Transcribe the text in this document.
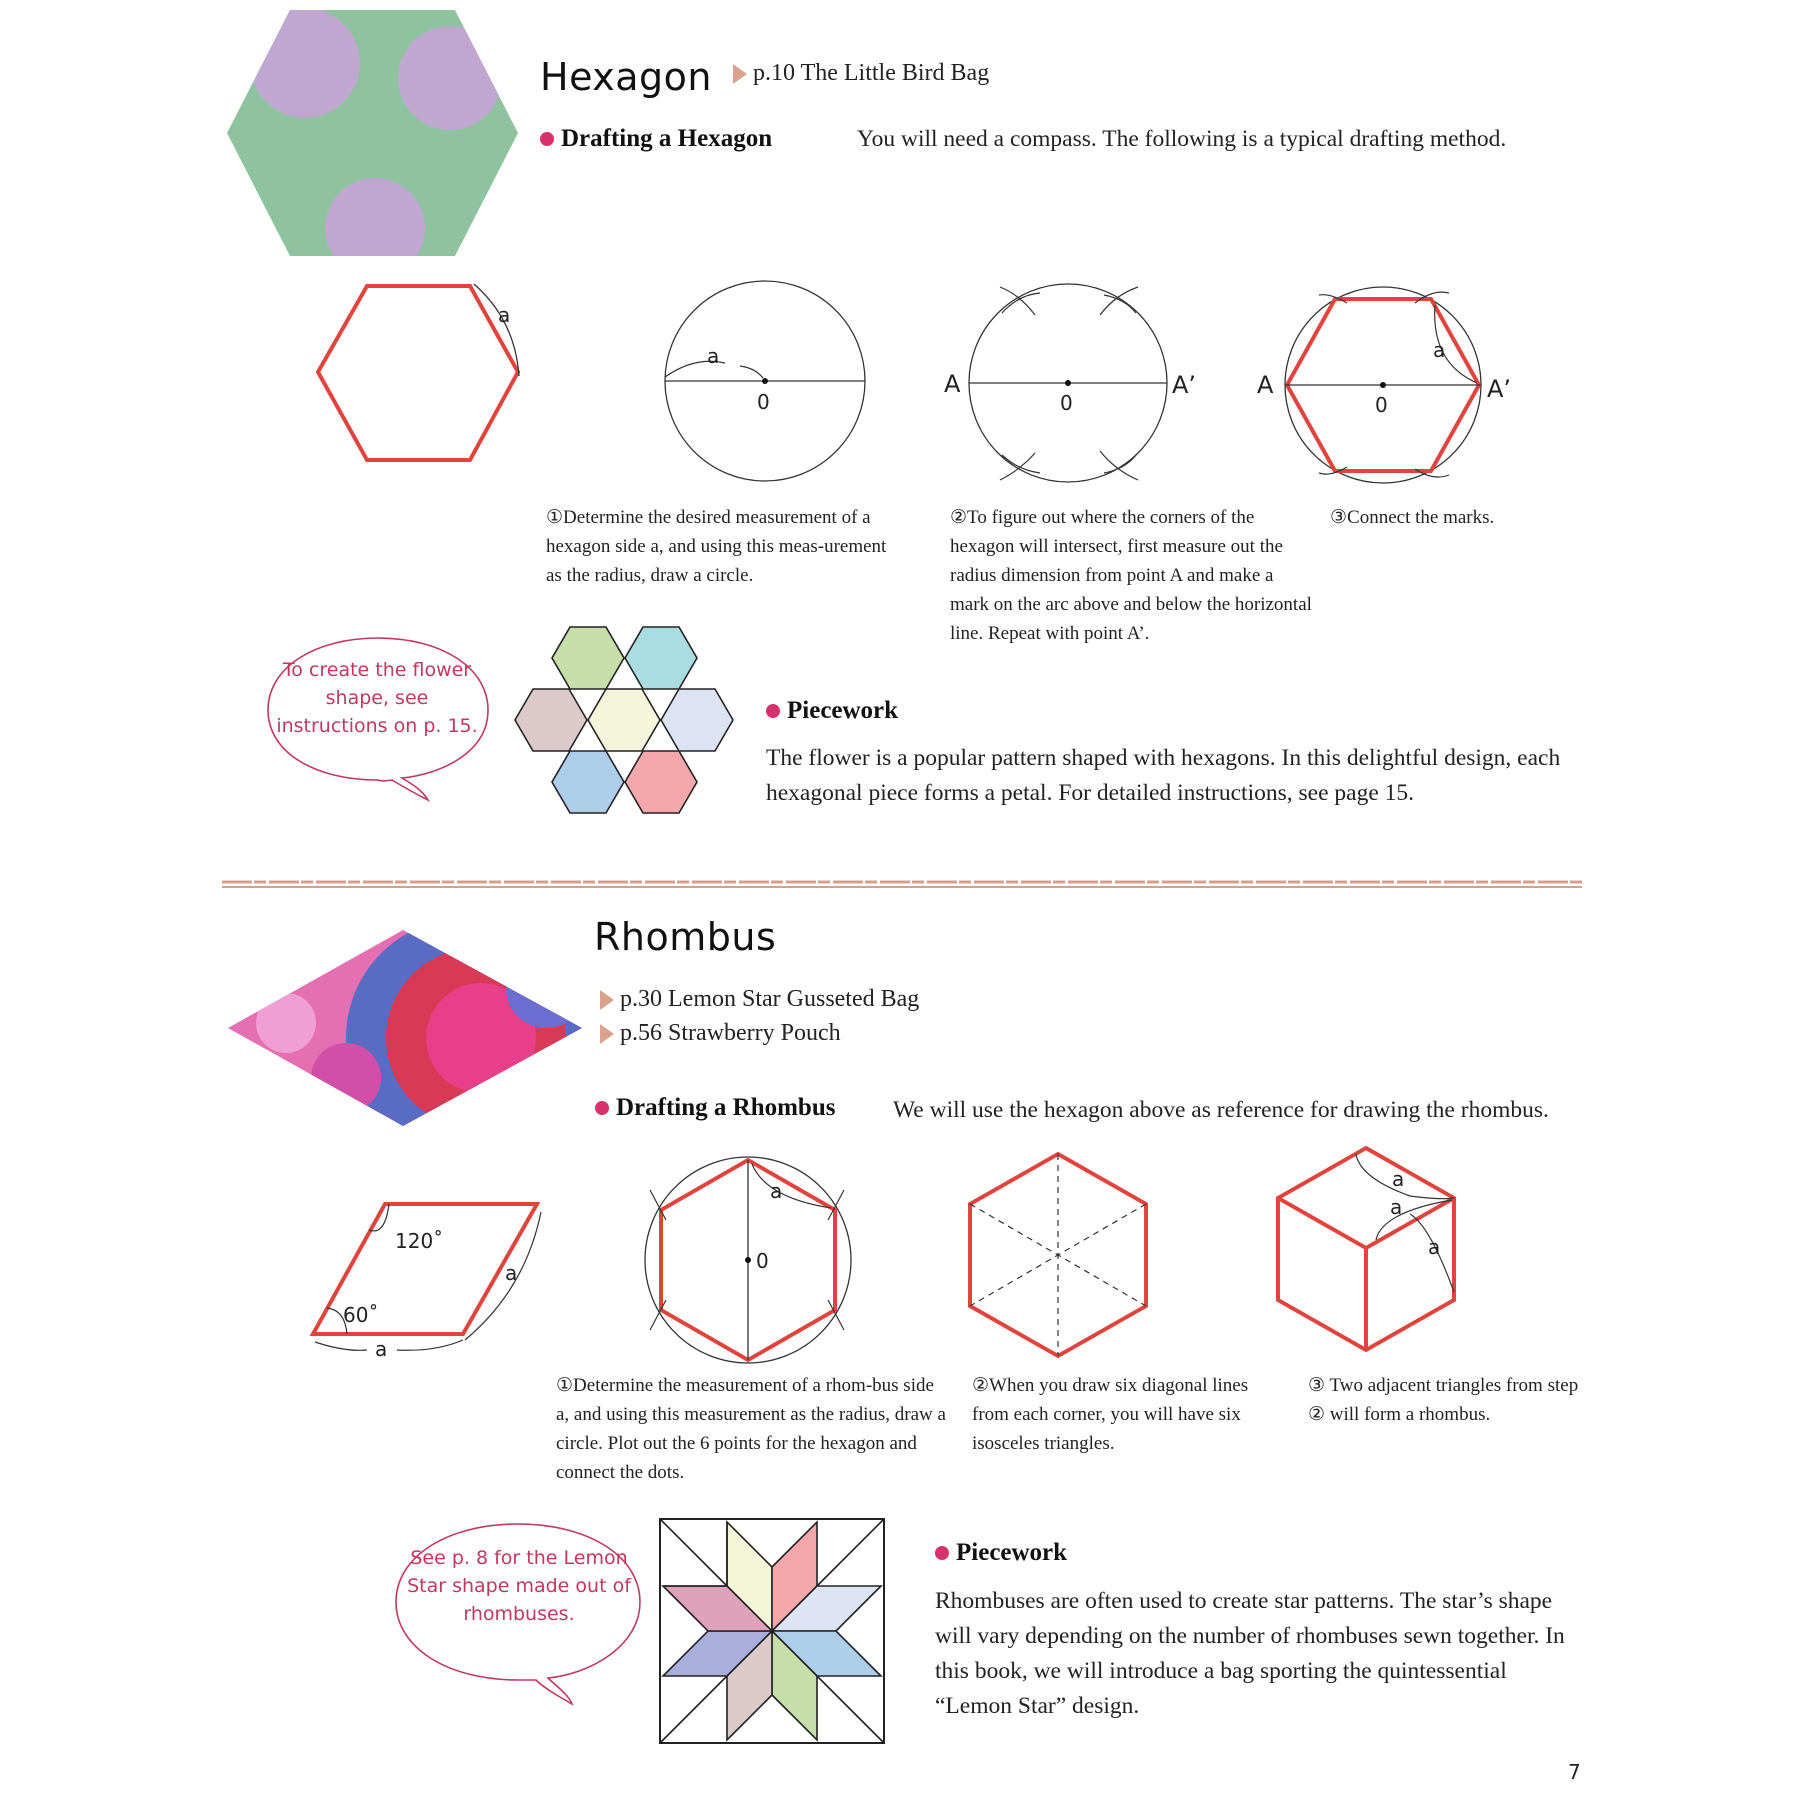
Hexagon p.10 The Little Bird Bag
Drafting a Hexagon	You will need a compass. The following is a typical drafting method.
a
a
0
A	A’
0
A	A’
a
0
①Determine the desired measurement of a hexagon side a, and using this meas-urement as the radius, draw a circle.
②To figure out where the corners of the hexagon will intersect, first measure out the radius dimension from point A and make a mark on the arc above and below the horizontal line. Repeat with point A’.
③Connect the marks.
To create the flower shape, see instructions on p. 15.
Piecework
The flower is a popular pattern shaped with hexagons. In this delightful design, each hexagonal piece forms a petal. For detailed instructions, see page 15.
Rhombus
p.30 Lemon Star Gusseted Bag
p.56 Strawberry Pouch
Drafting a Rhombus We will use the hexagon above as reference for drawing the rhombus.
120˚
60˚
a
a
a
0
a
a
a
①Determine the measurement of a rhom-bus side a, and using this measurement as the radius, draw a circle. Plot out the 6 points for the hexagon and connect the dots.
②When you draw six diagonal lines from each corner, you will have six isosceles triangles.
③ Two adjacent triangles from step ② will form a rhombus.
See p. 8 for the Lemon Star shape made out of rhombuses.
Piecework
Rhombuses are often used to create star patterns. The star’s shape will vary depending on the number of rhombuses sewn together. In this book, we will introduce a bag sporting the quintessential “Lemon Star” design.
7
